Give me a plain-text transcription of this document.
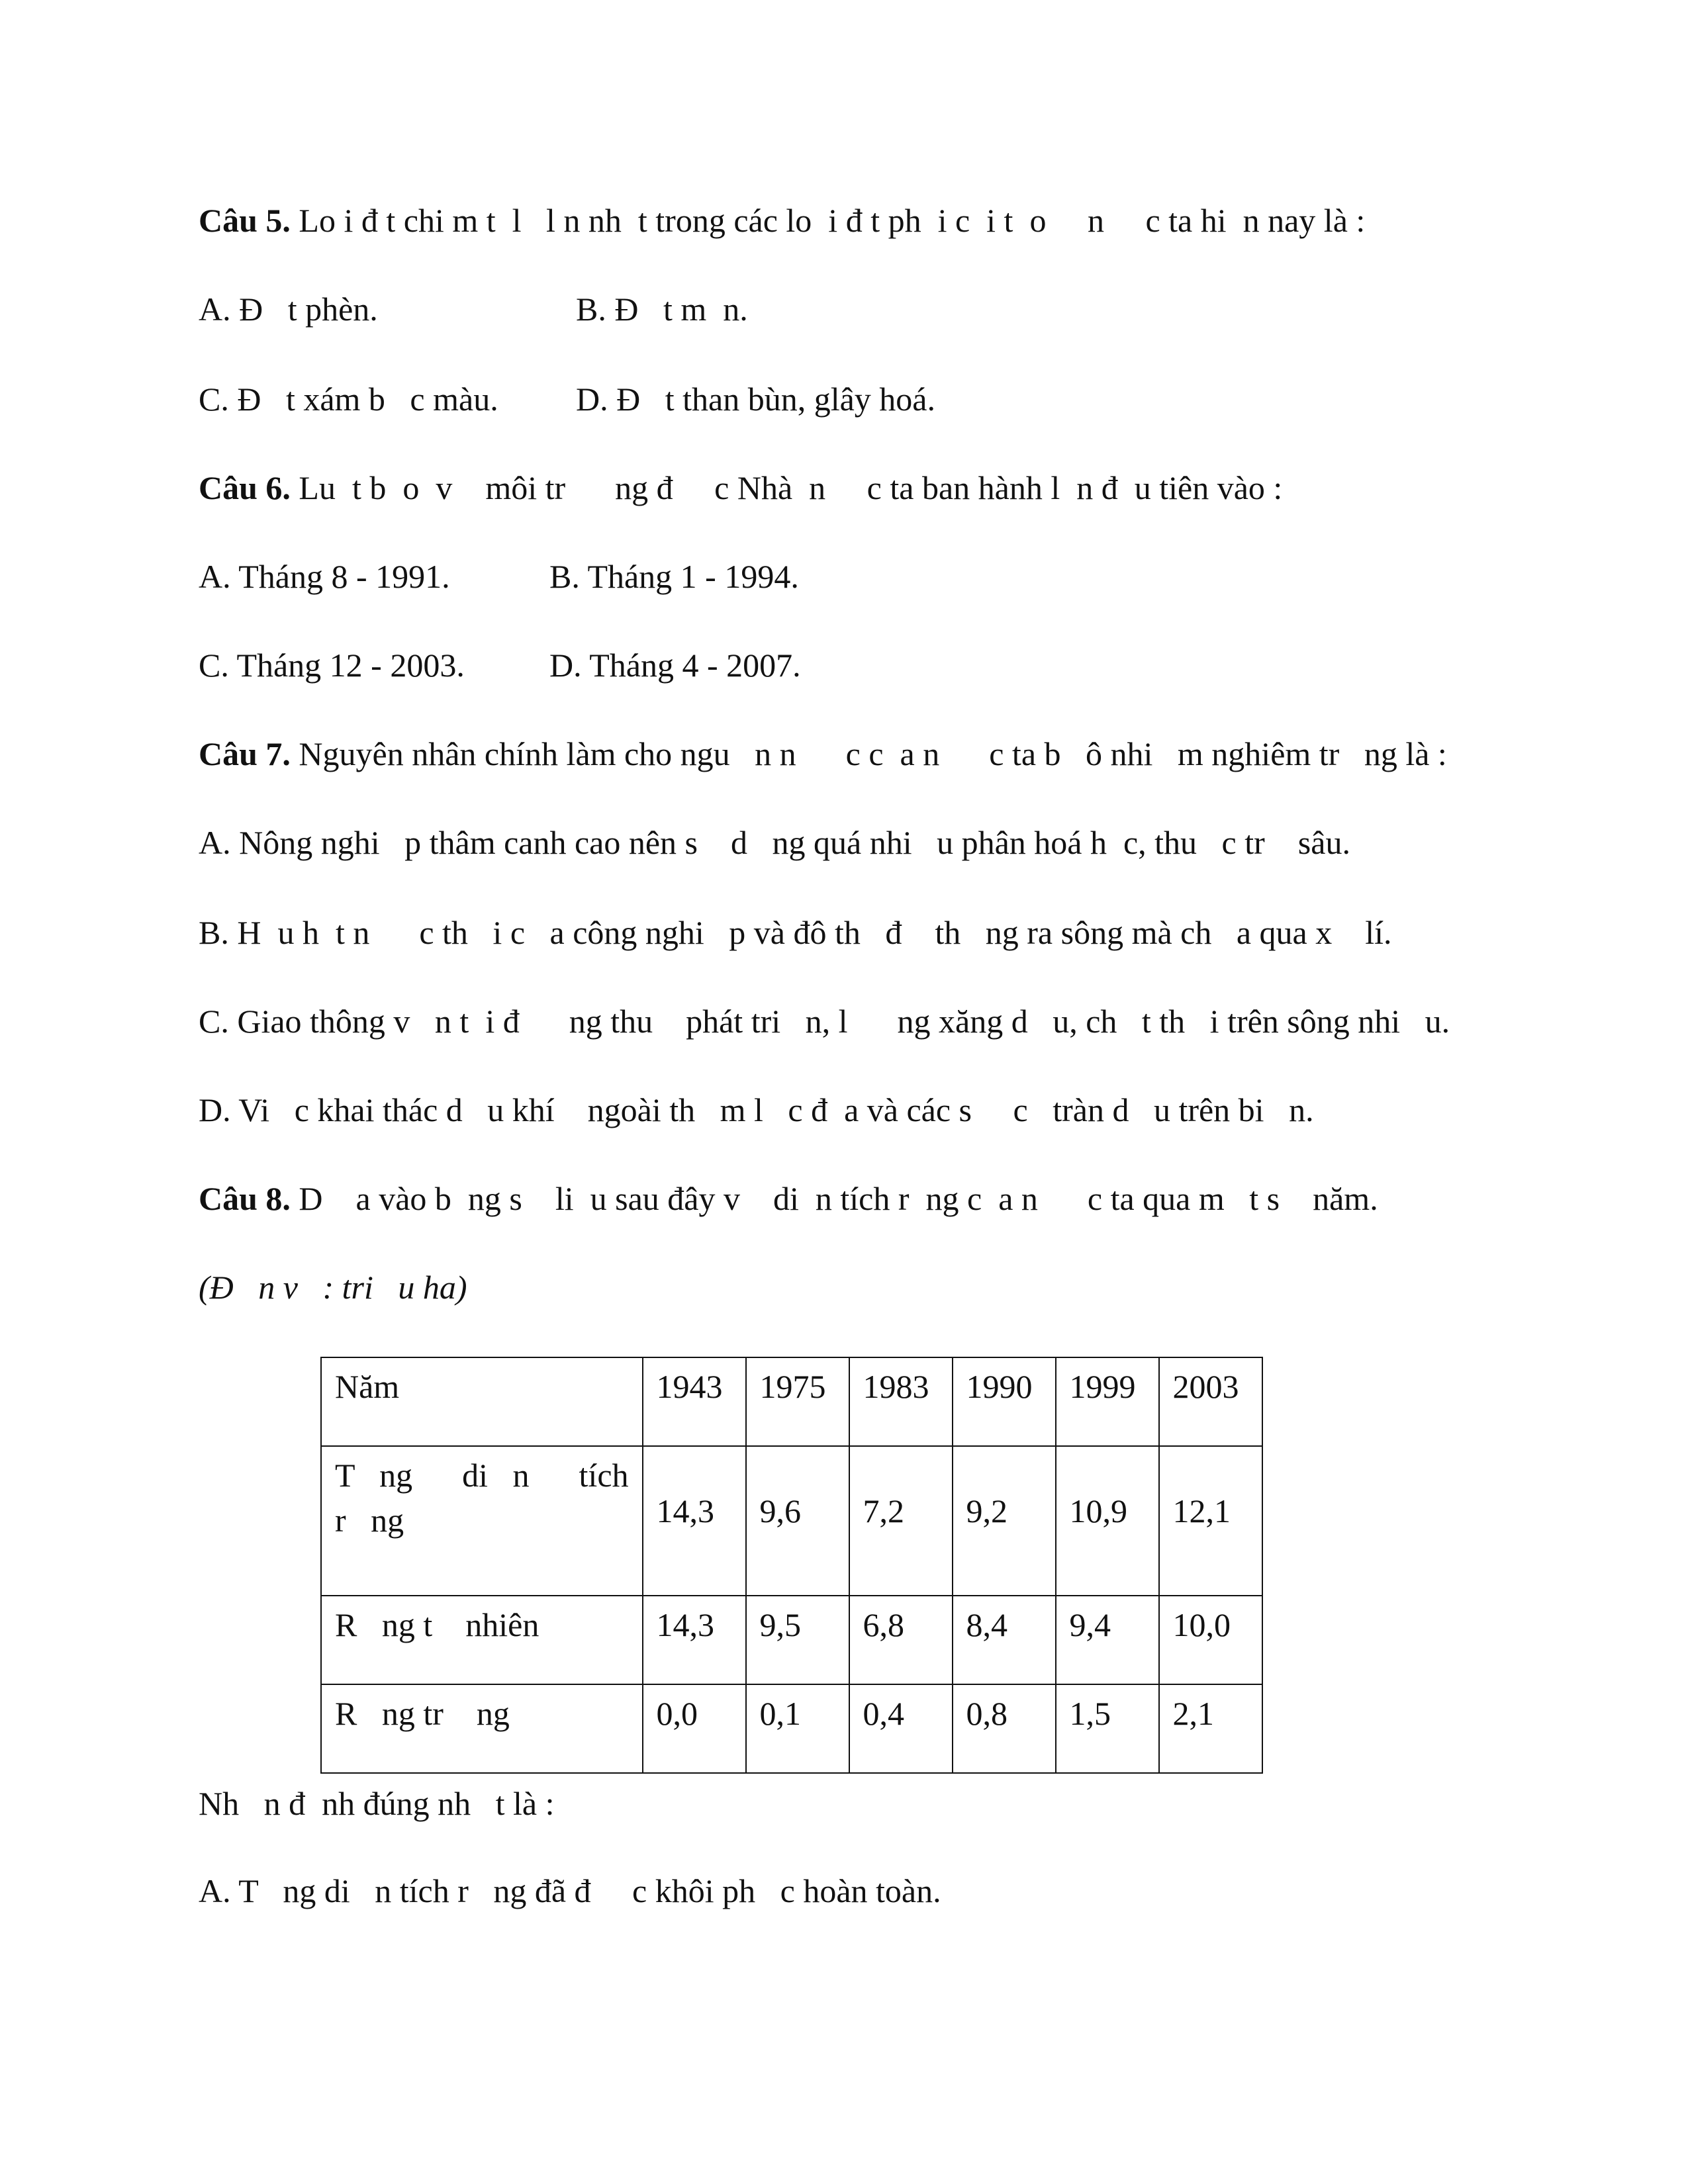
Câu 5. Lo i đ t chi m t  l   l n nh  t trong các lo  i đ t ph  i c  i t  o     n     c ta hi  n nay là :
A. Đ   t phèn.	B. Đ   t m  n.
C. Đ   t xám b   c màu. D. Đ   t than bùn, glây hoá.
Câu 6. Lu  t b  o  v    môi tr      ng đ     c Nhà  n     c ta ban hành l  n đ  u tiên vào :
A. Tháng 8 - 1991.	B. Tháng 1 - 1994.
C. Tháng 12 - 2003.	D. Tháng 4 - 2007.
Câu 7. Nguyên nhân chính làm cho ngu   n n      c c  a n      c ta b   ô nhi   m nghiêm tr   ng là :
A. Nông nghi   p thâm canh cao nên s    d   ng quá nhi   u phân hoá h  c, thu   c tr    sâu.
B. H  u h  t n      c th   i c   a công nghi   p và đô th   đ    th   ng ra sông mà ch   a qua x    lí.
C. Giao thông v   n t  i đ      ng thu    phát tri   n, l      ng xăng d   u, ch   t th   i trên sông nhi   u.
D. Vi   c khai thác d   u khí    ngoài th   m l   c đ  a và các s     c   tràn d   u trên bi   n.
Câu 8. D    a vào b  ng s    li  u sau đây v    di  n tích r  ng c  a n      c ta qua m   t s    năm.
(Đ   n v   : tri   u ha)
Năm	1943	1975	1983	1990	1999	2003

T   ng      di   n      tích
r   ng	14,3	9,6	7,2	9,2	10,9	12,1
R   ng t    nhiên	14,3	9,5	6,8	8,4	9,4	10,0
R   ng tr    ng	0,0	0,1	0,4	0,8	1,5	2,1
Nh   n đ  nh đúng nh   t là :
A. T   ng di   n tích r   ng đã đ     c khôi ph   c hoàn toàn.
